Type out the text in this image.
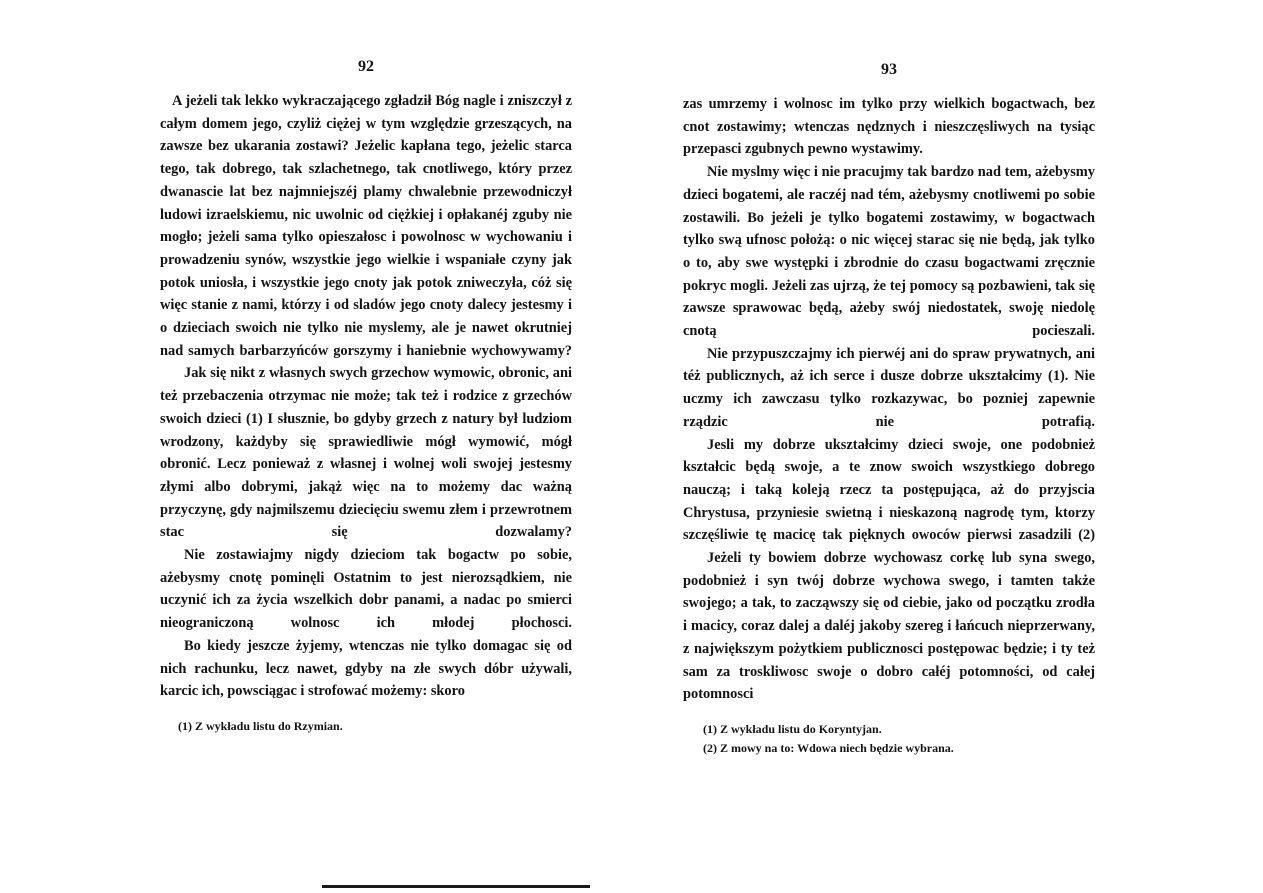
92

A jeżeli tak lekko wykraczającego zgładził Bóg nagle i zniszczył z całym domem jego, czyliż ciężej w tym względzie grzeszących, na zawsze bez ukarania zostawi? Jeżelic kapłana tego, jeżelic starca tego, tak dobrego, tak szlachetnego, tak cnotliwego, który przez dwanascie lat bez najmniejszéj plamy chwalebnie przewodniczył ludowi izraelskiemu, nic uwolnic od ciężkiej i opłakanéj zguby nie mogło; jeżeli sama tylko opieszałosc i powolnosc w wychowaniu i prowadzeniu synów, wszystkie jego wielkie i wspaniałe czyny jak potok uniosła, i wszystkie jego cnoty jak potok zniweczyła, cóż się więc stanie z nami, którzy i od sladów jego cnoty dalecy jestesmy i o dzieciach swoich nie tylko nie myslemy, ale je nawet okrutniej nad samych barbarzyńców gorszymy i haniebnie wychowywamy?

Jak się nikt z własnych swych grzechow wymowic, obronic, ani też przebaczenia otrzymac nie może; tak też i rodzice z grzechów swoich dzieci (1) I słusznie, bo gdyby grzech z natury był ludziom wrodzony, każdyby się sprawiedliwie mógł wymowić, mógł obronić. Lecz ponieważ z własnej i wolnej woli swojej jestesmy złymi albo dobrymi, jakąż więc na to możemy dac ważną przyczynę, gdy najmilszemu dziecięciu swemu złem i przewrotnem stac się dozwalamy?

Nie zostawiajmy nigdy dzieciom tak bogactw po sobie, ażebysmy cnotę pominęli Ostatnim to jest nierozsądkiem, nie uczynić ich za życia wszelkich dobr panami, a nadac po smierci nieograniczoną wolnosc ich młodej płochosci.

Bo kiedy jeszcze żyjemy, wtenczas nie tylko domagac się od nich rachunku, lecz nawet, gdyby na złe swych dóbr używali, karcic ich, powsciągac i strofować możemy: skoro

(1) Z wykładu listu do Rzymian.
93

zas umrzemy i wolnosc im tylko przy wielkich bogactwach, bez cnot zostawimy; wtenczas nędznych i nieszczęsliwych na tysiąc przepasci zgubnych pewno wystawimy.

Nie myslmy więc i nie pracujmy tak bardzo nad tem, ażebysmy dzieci bogatemi, ale raczéj nad tém, ażebysmy cnotliwemi po sobie zostawili. Bo jeżeli je tylko bogatemi zostawimy, w bogactwach tylko swą ufnosc położą: o nic więcej starac się nie będą, jak tylko o to, aby swe występki i zbrodnie do czasu bogactwami zręcznie pokryc mogli. Jeżeli zas ujrzą, że tej pomocy są pozbawieni, tak się zawsze sprawowac będą, ażeby swój niedostatek, swoję niedolę cnotą pocieszali.

Nie przypuszczajmy ich pierwéj ani do spraw prywatnych, ani téż publicznych, aż ich serce i dusze dobrze ukształcimy (1). Nie uczmy ich zawczasu tylko rozkazywac, bo pozniej zapewnie rządzic nie potrafią.

Jesli my dobrze ukształcimy dzieci swoje, one podobnież kształcic będą swoje, a te znow swoich wszystkiego dobrego nauczą; i taką koleją rzecz ta postępująca, aż do przyjscia Chrystusa, przyniesie swietną i nieskazoną nagrodę tym, ktorzy szczęśliwie tę macicę tak pięknych owoców pierwsi zasadzili (2)

Jeżeli ty bowiem dobrze wychowasz corkę lub syna swego, podobnież i syn twój dobrze wychowa swego, i tamten także swojego; a tak, to zacząwszy się od ciebie, jako od początku zrodła i macicy, coraz dalej a daléj jakoby szereg i łańcuch nieprzerwany, z największym pożytkiem publicznosci postępowac będzie; i ty też sam za troskliwosc swoje o dobro całéj potomności, od całej potomnosci

(1) Z wykładu listu do Koryntyjan.
(2) Z mowy na to: Wdowa niech będzie wybrana.
